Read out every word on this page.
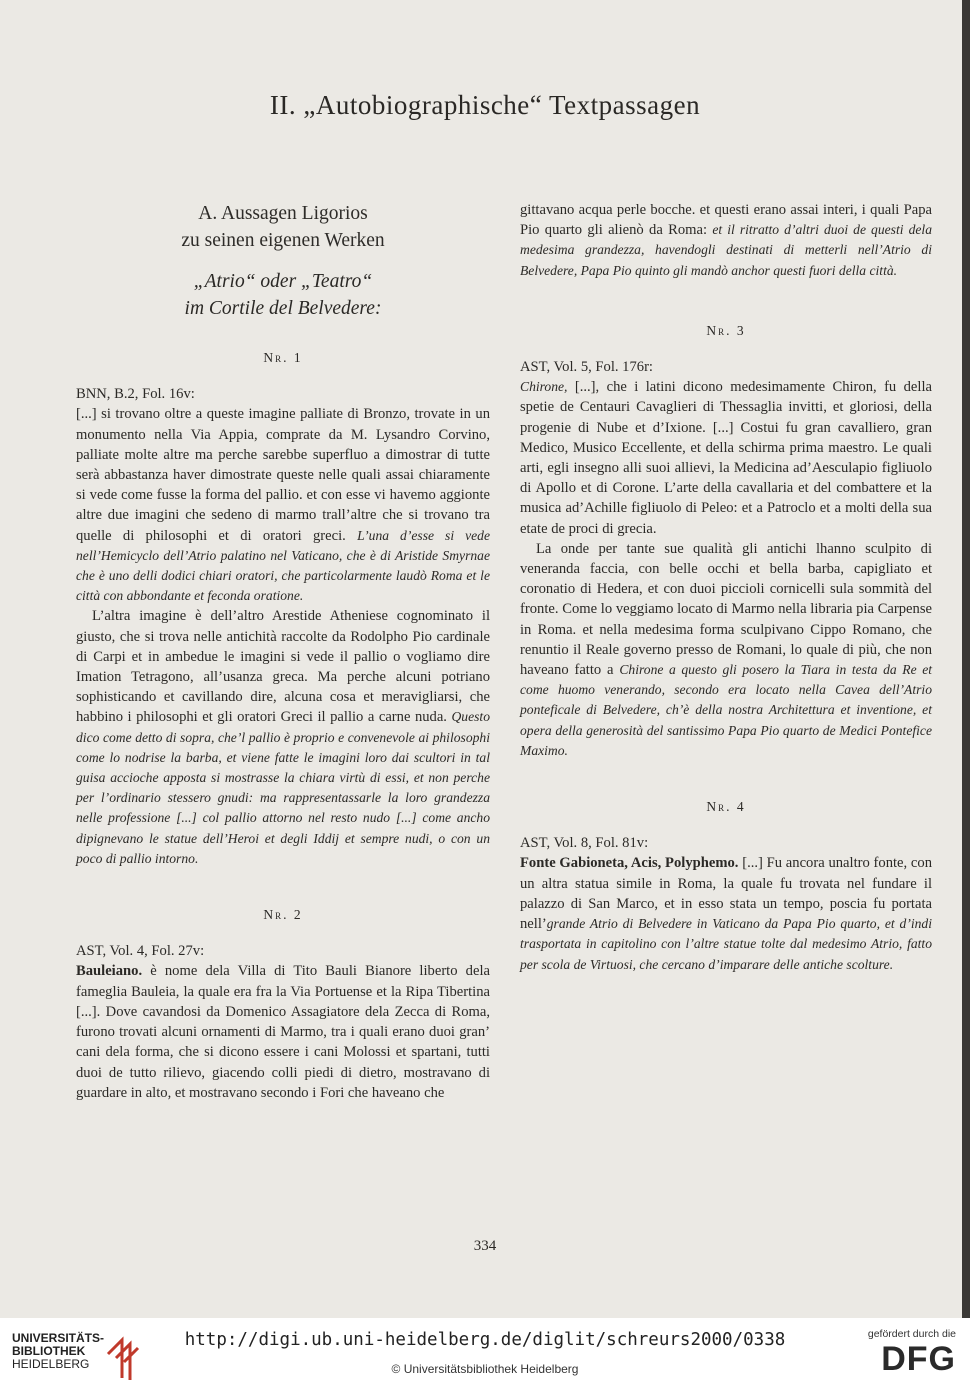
II. „Autobiographische“ Textpassagen
A. Aussagen Ligorios
zu seinen eigenen Werken
„Atrio“ oder „Teatro“
im Cortile del Belvedere:
Nr. 1

BNN, B.2, Fol. 16v:

[...] si trovano oltre a queste imagine palliate di Bronzo, trovate in un monumento nella Via Appia, comprate da M. Lysandro Corvino, palliate molte altre ma perche sarebbe superfluo a dimostrar di tutte serà abbastanza haver dimostrate queste nelle quali assai chiaramente si vede come fusse la forma del pallio. et con esse vi havemo aggionte altre due imagini che sedeno di marmo trall’altre che si trovano tra quelle di philosophi et di oratori greci. L’una d’esse si vede nell’Hemicyclo dell’Atrio palatino nel Vaticano, che è di Aristide Smyrnae che è uno delli dodici chiari oratori, che particolarmente laudò Roma et le città con abbondante et feconda oratione.

L’altra imagine è dell’altro Arestide Atheniese cognominato il giusto, che si trova nelle antichità raccolte da Rodolpho Pio cardinale di Carpi et in ambedue le imagini si vede il pallio o vogliamo dire Imation Tetragono, all’usanza greca. Ma perche alcuni potriano sophisticando et cavillando dire, alcuna cosa et meravigliarsi, che habbino i philosophi et gli oratori Greci il pallio a carne nuda. Questo dico come detto di sopra, che’l pallio è proprio e convenevole ai philosophi come lo nodrise la barba, et viene fatte le imagini loro dai scultori in tal guisa accioche apposta si mostrasse la chiara virtù di essi, et non perche per l’ordinario stessero gnudi: ma rappresentassarle la loro grandezza nelle professione [...] col pallio attorno nel resto nudo [...] come ancho dipignevano le statue dell’Heroi et degli Iddij et sempre nudi, o con un poco di pallio intorno.

Nr. 2

AST, Vol. 4, Fol. 27v:

Bauleiano. è nome dela Villa di Tito Bauli Bianore liberto dela fameglia Bauleia, la quale era fra la Via Portuense et la Ripa Tibertina [...]. Dove cavandosi da Domenico Assagiatore dela Zecca di Roma, furono trovati alcuni ornamenti di Marmo, tra i quali erano duoi gran’ cani dela forma, che si dicono essere i cani Molossi et spartani, tutti duoi de tutto rilievo, giacendo colli piedi di dietro, mostravano di guardare in alto, et mostravano secondo i Fori che haveano che

gittavano acqua perle bocche. et questi erano assai interi, i quali Papa Pio quarto gli alienò da Roma: et il ritratto d’altri duoi de questi dela medesima grandezza, havendogli destinati di metterli nell’Atrio di Belvedere, Papa Pio quinto gli mandò anchor questi fuori della città.

Nr. 3

AST, Vol. 5, Fol. 176r:

Chirone, [...], che i latini dicono medesimamente Chiron, fu della spetie de Centauri Cavaglieri di Thessaglia invitti, et gloriosi, della progenie di Nube et d’Ixione. [...] Costui fu gran cavalliero, gran Medico, Musico Eccellente, et della schirma prima maestro. Le quali arti, egli insegno alli suoi allievi, la Medicina ad’Aesculapio figliuolo di Apollo et di Corone. L’arte della cavallaria et del combattere et la musica ad’Achille figliuolo di Peleo: et a Patroclo et a molti della sua etate de proci di grecia.

La onde per tante sue qualità gli antichi lhanno sculpito di veneranda faccia, con belle occhi et bella barba, capigliato et coronatio di Hedera, et con duoi piccioli cornicelli sula sommità del fronte. Come lo veggiamo locato di Marmo nella libraria pia Carpense in Roma. et nella medesima forma sculpivano Cippo Romano, che renuntio il Reale governo presso de Romani, lo quale di più, che non haveano fatto a Chirone a questo gli posero la Tiara in testa da Re et come huomo venerando, secondo era locato nella Cavea dell’Atrio ponteficale di Belvedere, ch’è della nostra Architettura et inventione, et opera della generosità del santissimo Papa Pio quarto de Medici Pontefice Maximo.

Nr. 4

AST, Vol. 8, Fol. 81v:

Fonte Gabioneta, Acis, Polyphemo. [...] Fu ancora unaltro fonte, con un altra statua simile in Roma, la quale fu trovata nel fundare il palazzo di San Marco, et in esso stata un tempo, poscia fu portata nell’grande Atrio di Belvedere in Vaticano da Papa Pio quarto, et d’indi trasportata in capitolino con l’altre statue tolte dal medesimo Atrio, fatto per scola de Virtuosi, che cercano d’imparare delle antiche scolture.

334
UNIVERSITÄTS-
BIBLIOTHEK
HEIDELBERG
http://digi.ub.uni-heidelberg.de/diglit/schreurs2000/0338
© Universitätsbibliothek Heidelberg
gefördert durch die
DFG
